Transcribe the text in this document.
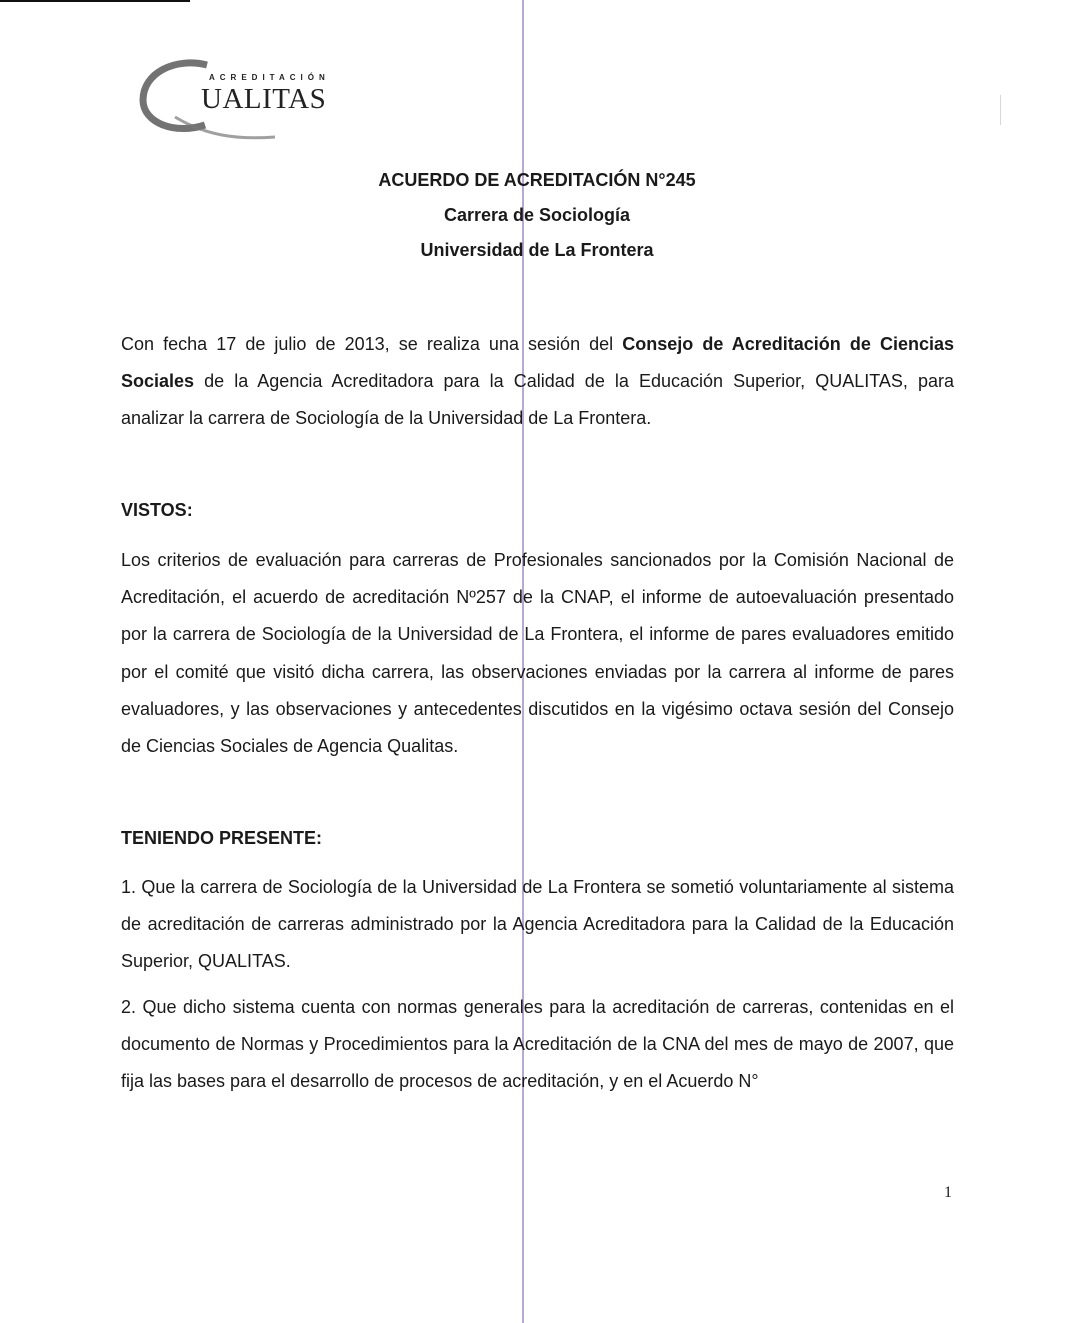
ACREDITACIÓN
UALITAS
ACUERDO DE ACREDITACIÓN N°245
Carrera de Sociología
Universidad de La Frontera
Con fecha 17 de julio de 2013, se realiza una sesión del Consejo de Acreditación de Ciencias Sociales de la Agencia Acreditadora para la Calidad de la Educación Superior, QUALITAS, para analizar la carrera de Sociología de la Universidad de La Frontera.
VISTOS:
Los criterios de evaluación para carreras de Profesionales sancionados por la Comisión Nacional de Acreditación, el acuerdo de acreditación Nº257 de la CNAP, el informe de autoevaluación presentado por la carrera de Sociología de la Universidad de La Frontera, el informe de pares evaluadores emitido por el comité que visitó dicha carrera, las observaciones enviadas por la carrera al informe de pares evaluadores, y las observaciones y antecedentes discutidos en la vigésimo octava sesión del Consejo de Ciencias Sociales de Agencia Qualitas.
TENIENDO PRESENTE:
1. Que la carrera de Sociología de la Universidad de La Frontera se sometió voluntariamente al sistema de acreditación de carreras administrado por la Agencia Acreditadora para la Calidad de la Educación Superior, QUALITAS.
2. Que dicho sistema cuenta con normas generales para la acreditación de carreras, contenidas en el documento de Normas y Procedimientos para la Acreditación de la CNA del mes de mayo de 2007, que fija las bases para el desarrollo de procesos de acreditación, y en el Acuerdo N°
1
